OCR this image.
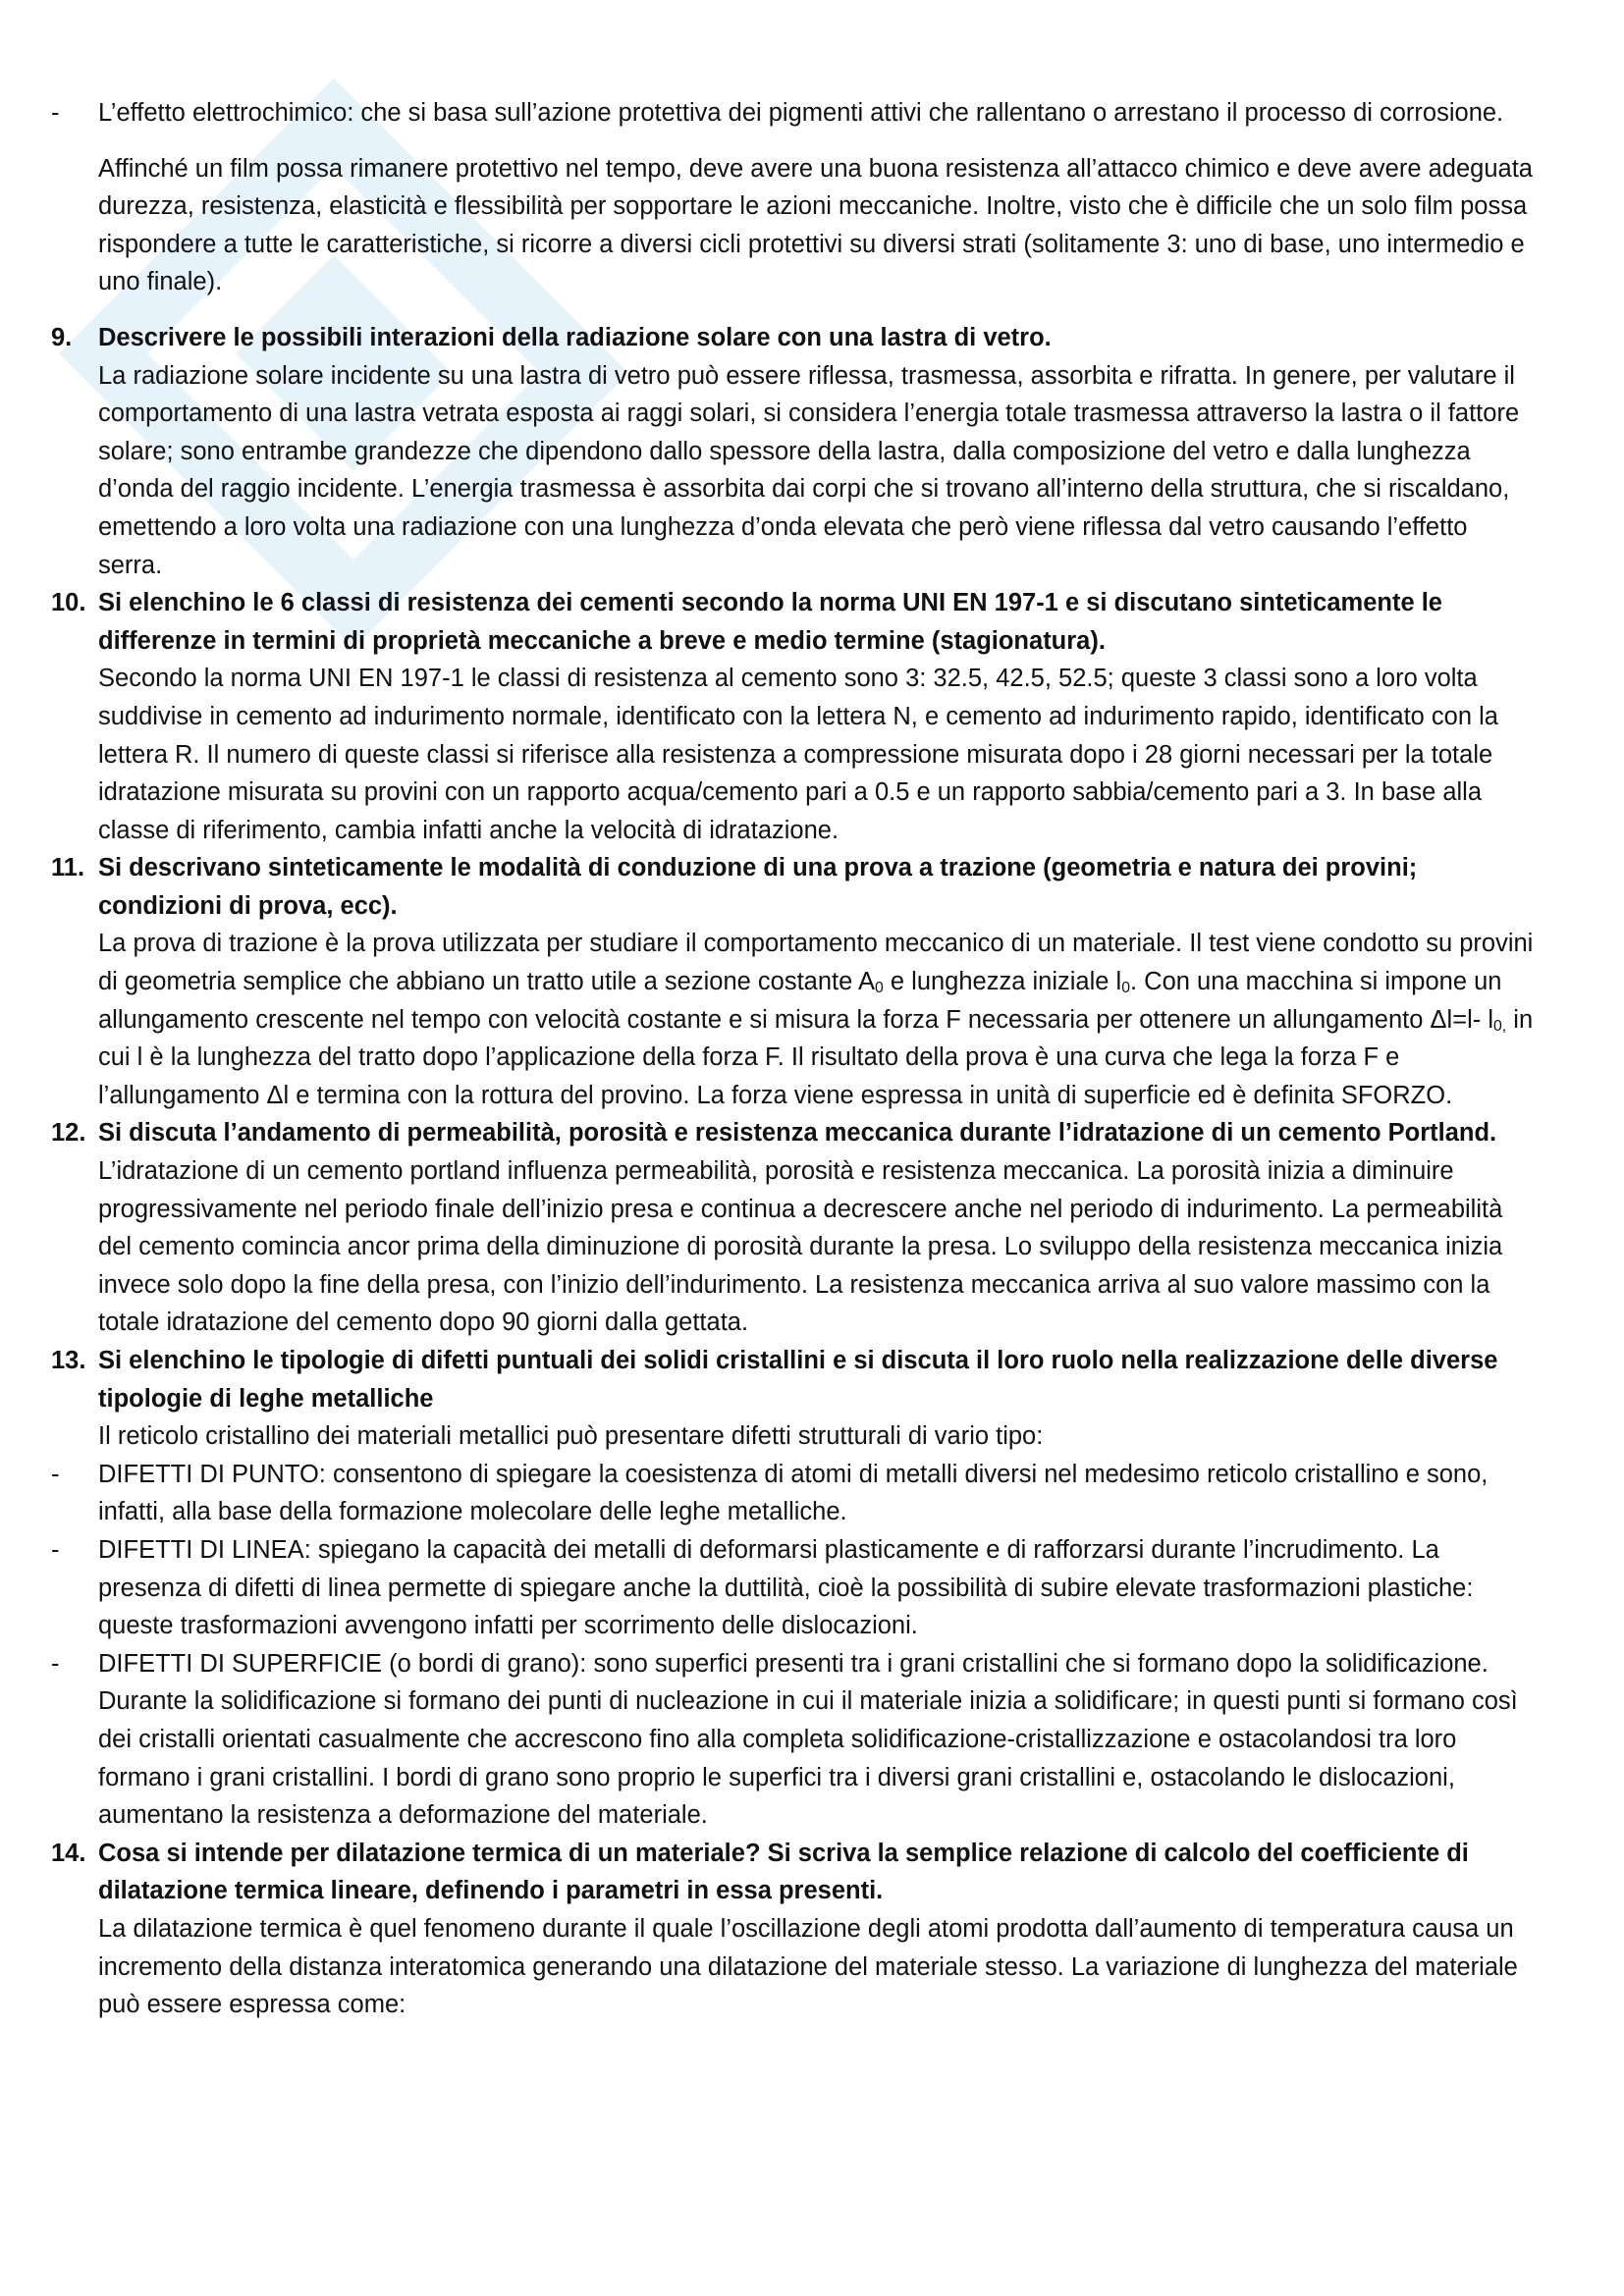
-	L’effetto elettrochimico: che si basa sull’azione protettiva dei pigmenti attivi che rallentano o arrestano il processo di corrosione.
Affinché un film possa rimanere protettivo nel tempo, deve avere una buona resistenza all’attacco chimico e deve avere adeguata durezza, resistenza, elasticità e flessibilità per sopportare le azioni meccaniche. Inoltre, visto che è difficile che un solo film possa rispondere a tutte le caratteristiche, si ricorre a diversi cicli protettivi su diversi strati (solitamente 3: uno di base, uno intermedio e uno finale).
9.	Descrivere le possibili interazioni della radiazione solare con una lastra di vetro.
La radiazione solare incidente su una lastra di vetro può essere riflessa, trasmessa, assorbita e rifratta. In genere, per valutare il comportamento di una lastra vetrata esposta ai raggi solari, si considera l’energia totale trasmessa attraverso la lastra o il fattore solare; sono entrambe grandezze che dipendono dallo spessore della lastra, dalla composizione del vetro e dalla lunghezza d’onda del raggio incidente. L’energia trasmessa è assorbita dai corpi che si trovano all’interno della struttura, che si riscaldano, emettendo a loro volta una radiazione con una lunghezza d’onda elevata che però viene riflessa dal vetro causando l’effetto serra.
10. Si elenchino le 6 classi di resistenza dei cementi secondo la norma UNI EN 197-1 e si discutano sinteticamente le differenze in termini di proprietà meccaniche a breve e medio termine (stagionatura).
Secondo la norma UNI EN 197-1 le classi di resistenza al cemento sono 3: 32.5, 42.5, 52.5; queste 3 classi sono a loro volta suddivise in cemento ad indurimento normale, identificato con la lettera N, e cemento ad indurimento rapido, identificato con la lettera R. Il numero di queste classi si riferisce alla resistenza a compressione misurata dopo i 28 giorni necessari per la totale idratazione misurata su provini con un rapporto acqua/cemento pari a 0.5 e un rapporto sabbia/cemento pari a 3. In base alla classe di riferimento, cambia infatti anche la velocità di idratazione.
11. Si descrivano sinteticamente le modalità di conduzione di una prova a trazione (geometria e natura dei provini; condizioni di prova, ecc).
La prova di trazione è la prova utilizzata per studiare il comportamento meccanico di un materiale. Il test viene condotto su provini di geometria semplice che abbiano un tratto utile a sezione costante $A_0$ e lunghezza iniziale $l_0$. Con una macchina si impone un allungamento crescente nel tempo con velocità costante e si misura la forza F necessaria per ottenere un allungamento Δl=l- $l_{0,}$ in cui l è la lunghezza del tratto dopo l’applicazione della forza F. Il risultato della prova è una curva che lega la forza F e l’allungamento Δl e termina con la rottura del provino. La forza viene espressa in unità di superficie ed è definita SFORZO.
12. Si discuta l’andamento di permeabilità, porosità e resistenza meccanica durante l’idratazione di un cemento Portland.
L’idratazione di un cemento portland influenza permeabilità, porosità e resistenza meccanica. La porosità inizia a diminuire progressivamente nel periodo finale dell’inizio presa e continua a decrescere anche nel periodo di indurimento. La permeabilità del cemento comincia ancor prima della diminuzione di porosità durante la presa. Lo sviluppo della resistenza meccanica inizia invece solo dopo la fine della presa, con l’inizio dell’indurimento. La resistenza meccanica arriva al suo valore massimo con la totale idratazione del cemento dopo 90 giorni dalla gettata.
13. Si elenchino le tipologie di difetti puntuali dei solidi cristallini e si discuta il loro ruolo nella realizzazione delle diverse tipologie di leghe metalliche
Il reticolo cristallino dei materiali metallici può presentare difetti strutturali di vario tipo:
-	DIFETTI DI PUNTO: consentono di spiegare la coesistenza di atomi di metalli diversi nel medesimo reticolo cristallino e sono, infatti, alla base della formazione molecolare delle leghe metalliche.
-	DIFETTI DI LINEA: spiegano la capacità dei metalli di deformarsi plasticamente e di rafforzarsi durante l’incrudimento. La presenza di difetti di linea permette di spiegare anche la duttilità, cioè la possibilità di subire elevate trasformazioni plastiche: queste trasformazioni avvengono infatti per scorrimento delle dislocazioni.
-	DIFETTI DI SUPERFICIE (o bordi di grano): sono superfici presenti tra i grani cristallini che si formano dopo la solidificazione. Durante la solidificazione si formano dei punti di nucleazione in cui il materiale inizia a solidificare; in questi punti si formano così dei cristalli orientati casualmente che accrescono fino alla completa solidificazione-cristallizzazione e ostacolandosi tra loro formano i grani cristallini. I bordi di grano sono proprio le superfici tra i diversi grani cristallini e, ostacolando le dislocazioni, aumentano la resistenza a deformazione del materiale.
14. Cosa si intende per dilatazione termica di un materiale? Si scriva la semplice relazione di calcolo del coefficiente di dilatazione termica lineare, definendo i parametri in essa presenti.
La dilatazione termica è quel fenomeno durante il quale l’oscillazione degli atomi prodotta dall’aumento di temperatura causa un incremento della distanza interatomica generando una dilatazione del materiale stesso. La variazione di lunghezza del materiale può essere espressa come:
